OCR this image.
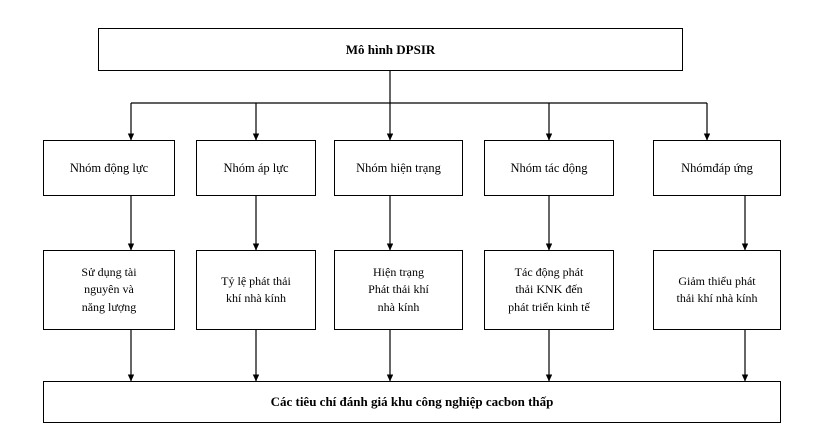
Mô hình DPSIR
Nhóm động lực	Nhóm áp lực	Nhóm hiện trạng	Nhóm tác động	Nhómđáp ứng
Sử dụng tài
nguyên và
năng lượng
Tỷ lệ phát thải
khí nhà kính
Hiện trạng
Phát thải khí
nhà kính
Tác động phát
thải KNK đến
phát triển kinh tế
Giảm thiểu phát
thải khí nhà kính
Các tiêu chí đánh giá khu công nghiệp cacbon thấp
